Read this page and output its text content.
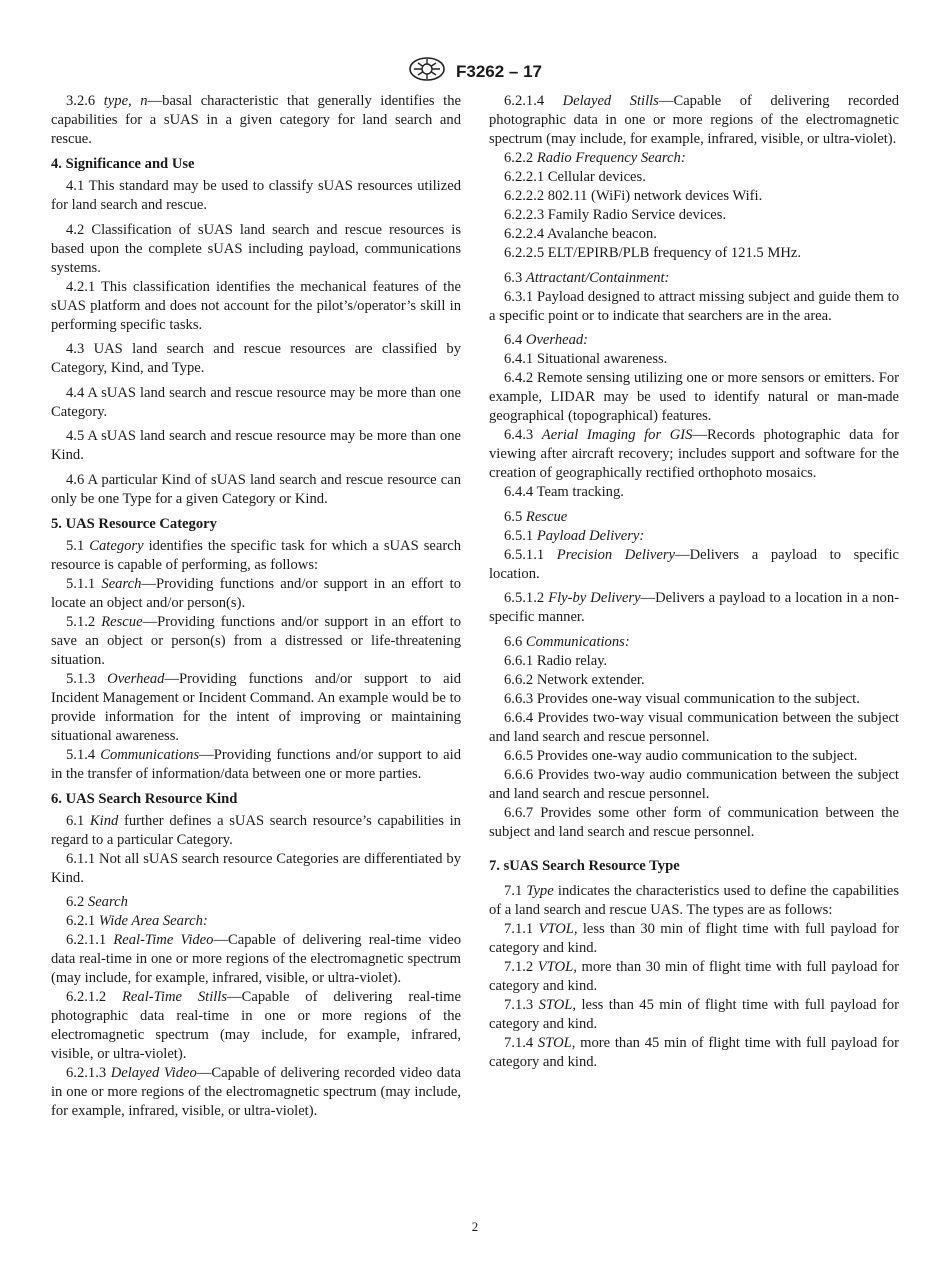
F3262 – 17

3.2.6 type, n—basal characteristic that generally identifies the capabilities for a sUAS in a given category for land search and rescue.

4. Significance and Use

4.1 This standard may be used to classify sUAS resources utilized for land search and rescue.

4.2 Classification of sUAS land search and rescue resources is based upon the complete sUAS including payload, communications systems.

4.2.1 This classification identifies the mechanical features of the sUAS platform and does not account for the pilot’s/operator’s skill in performing specific tasks.

4.3 UAS land search and rescue resources are classified by Category, Kind, and Type.

4.4 A sUAS land search and rescue resource may be more than one Category.

4.5 A sUAS land search and rescue resource may be more than one Kind.

4.6 A particular Kind of sUAS land search and rescue resource can only be one Type for a given Category or Kind.

5. UAS Resource Category

5.1 Category identifies the specific task for which a sUAS search resource is capable of performing, as follows:

5.1.1 Search—Providing functions and/or support in an effort to locate an object and/or person(s).

5.1.2 Rescue—Providing functions and/or support in an effort to save an object or person(s) from a distressed or life-threatening situation.

5.1.3 Overhead—Providing functions and/or support to aid Incident Management or Incident Command. An example would be to provide information for the intent of improving or maintaining situational awareness.

5.1.4 Communications—Providing functions and/or support to aid in the transfer of information/data between one or more parties.

6. UAS Search Resource Kind

6.1 Kind further defines a sUAS search resource’s capabilities in regard to a particular Category.

6.1.1 Not all sUAS search resource Categories are differentiated by Kind.

6.2 Search

6.2.1 Wide Area Search:

6.2.1.1 Real-Time Video—Capable of delivering real-time video data real-time in one or more regions of the electromagnetic spectrum (may include, for example, infrared, visible, or ultra-violet).

6.2.1.2 Real-Time Stills—Capable of delivering real-time photographic data real-time in one or more regions of the electromagnetic spectrum (may include, for example, infrared, visible, or ultra-violet).

6.2.1.3 Delayed Video—Capable of delivering recorded video data in one or more regions of the electromagnetic spectrum (may include, for example, infrared, visible, or ultra-violet).

6.2.1.4 Delayed Stills—Capable of delivering recorded photographic data in one or more regions of the electromagnetic spectrum (may include, for example, infrared, visible, or ultra-violet).

6.2.2 Radio Frequency Search:

6.2.2.1 Cellular devices.

6.2.2.2 802.11 (WiFi) network devices Wifi.

6.2.2.3 Family Radio Service devices.

6.2.2.4 Avalanche beacon.

6.2.2.5 ELT/EPIRB/PLB frequency of 121.5 MHz.

6.3 Attractant/Containment:

6.3.1 Payload designed to attract missing subject and guide them to a specific point or to indicate that searchers are in the area.

6.4 Overhead:

6.4.1 Situational awareness.

6.4.2 Remote sensing utilizing one or more sensors or emitters. For example, LIDAR may be used to identify natural or man-made geographical (topographical) features.

6.4.3 Aerial Imaging for GIS—Records photographic data for viewing after aircraft recovery; includes support and software for the creation of geographically rectified orthophoto mosaics.

6.4.4 Team tracking.

6.5 Rescue

6.5.1 Payload Delivery:

6.5.1.1 Precision Delivery—Delivers a payload to specific location.

6.5.1.2 Fly-by Delivery—Delivers a payload to a location in a non-specific manner.

6.6 Communications:

6.6.1 Radio relay.

6.6.2 Network extender.

6.6.3 Provides one-way visual communication to the subject.

6.6.4 Provides two-way visual communication between the subject and land search and rescue personnel.

6.6.5 Provides one-way audio communication to the subject.

6.6.6 Provides two-way audio communication between the subject and land search and rescue personnel.

6.6.7 Provides some other form of communication between the subject and land search and rescue personnel.

7. sUAS Search Resource Type

7.1 Type indicates the characteristics used to define the capabilities of a land search and rescue UAS. The types are as follows:

7.1.1 VTOL, less than 30 min of flight time with full payload for category and kind.

7.1.2 VTOL, more than 30 min of flight time with full payload for category and kind.

7.1.3 STOL, less than 45 min of flight time with full payload for category and kind.

7.1.4 STOL, more than 45 min of flight time with full payload for category and kind.

2
